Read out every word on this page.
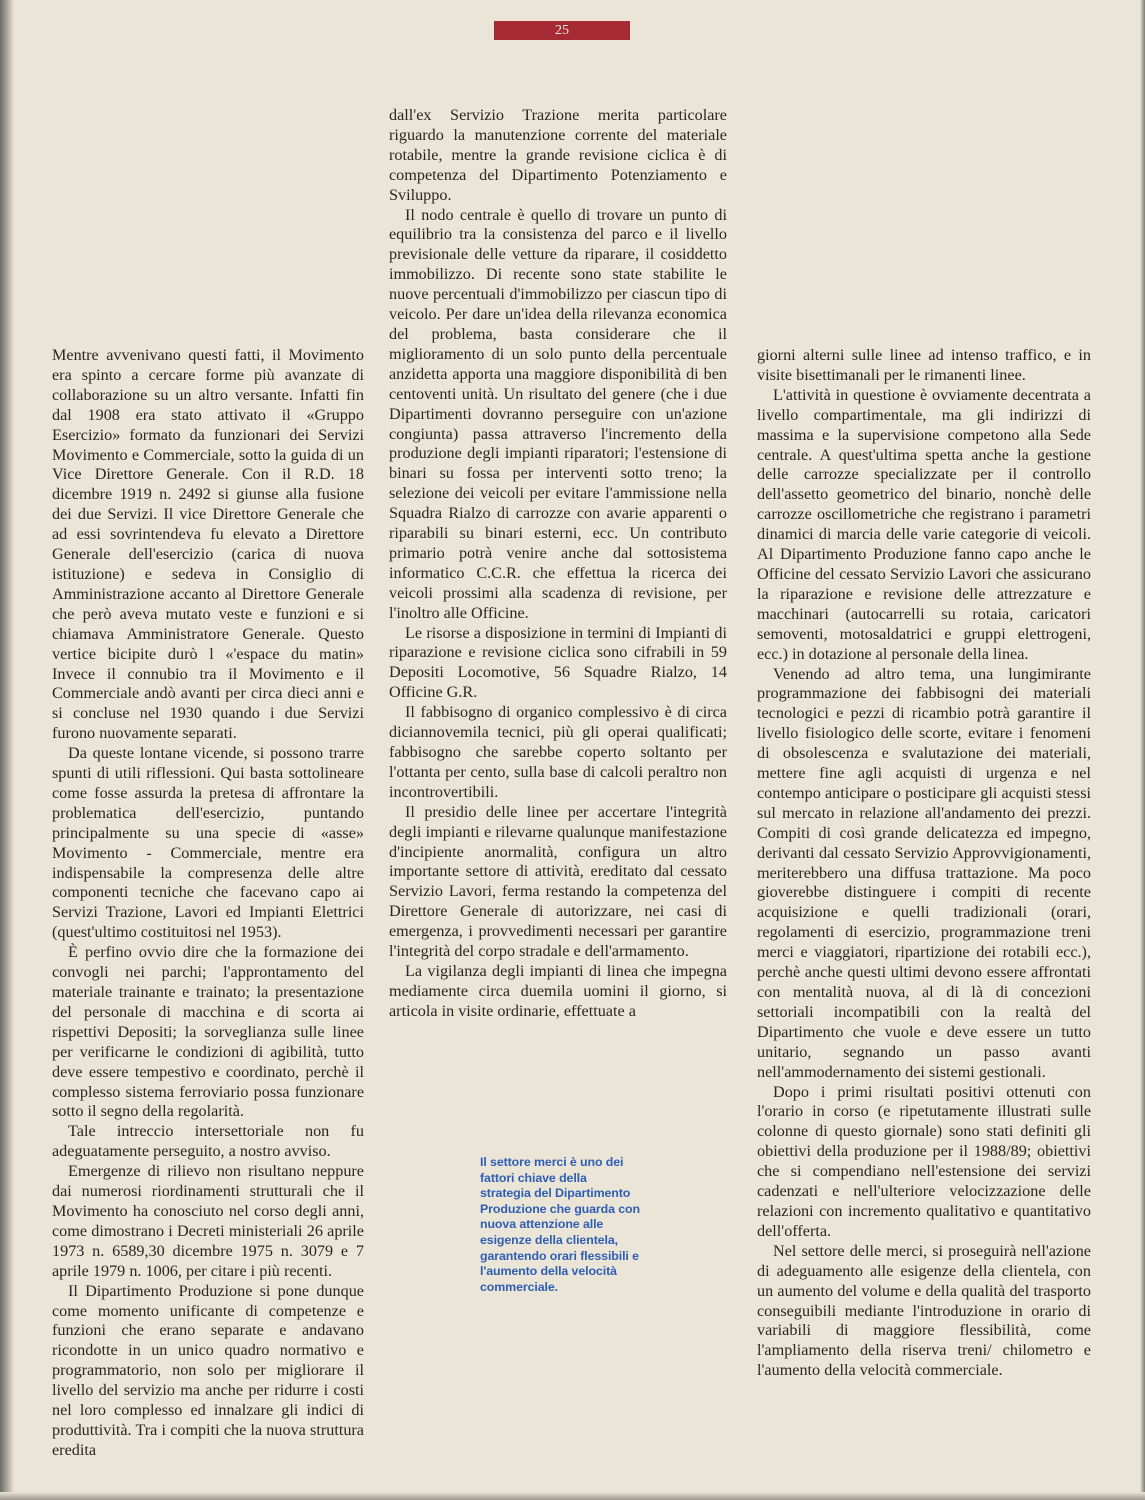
25

Mentre avvenivano questi fatti, il Movimento era spinto a cercare forme più avanzate di collaborazione su un altro versante. Infatti fin dal 1908 era stato attivato il «Gruppo Esercizio» formato da funzionari dei Servizi Movimento e Commerciale, sotto la guida di un Vice Direttore Generale. Con il R.D. 18 dicembre 1919 n. 2492 si giunse alla fusione dei due Servizi. Il vice Direttore Generale che ad essi sovrintendeva fu elevato a Direttore Generale dell'esercizio (carica di nuova istituzione) e sedeva in Consiglio di Amministrazione accanto al Direttore Generale che però aveva mutato veste e funzioni e si chiamava Amministratore Generale. Questo vertice bicipite durò l «'espace du matin» Invece il connubio tra il Movimento e il Commerciale andò avanti per circa dieci anni e si concluse nel 1930 quando i due Servizi furono nuovamente separati.

Da queste lontane vicende, si possono trarre spunti di utili riflessioni. Qui basta sottolineare come fosse assurda la pretesa di affrontare la problematica dell'esercizio, puntando principalmente su una specie di «asse» Movimento - Commerciale, mentre era indispensabile la compresenza delle altre componenti tecniche che facevano capo ai Servizi Trazione, Lavori ed Impianti Elettrici (quest'ultimo costituitosi nel 1953).

È perfino ovvio dire che la formazione dei convogli nei parchi; l'approntamento del materiale trainante e trainato; la presentazione del personale di macchina e di scorta ai rispettivi Depositi; la sorveglianza sulle linee per verificarne le condizioni di agibilità, tutto deve essere tempestivo e coordinato, perchè il complesso sistema ferroviario possa funzionare sotto il segno della regolarità.

Tale intreccio intersettoriale non fu adeguatamente perseguito, a nostro avviso.

Emergenze di rilievo non risultano neppure dai numerosi riordinamenti strutturali che il Movimento ha conosciuto nel corso degli anni, come dimostrano i Decreti ministeriali 26 aprile 1973 n. 6589,30 dicembre 1975 n. 3079 e 7 aprile 1979 n. 1006, per citare i più recenti.

Il Dipartimento Produzione si pone dunque come momento unificante di competenze e funzioni che erano separate e andavano ricondotte in un unico quadro normativo e programmatorio, non solo per migliorare il livello del servizio ma anche per ridurre i costi nel loro complesso ed innalzare gli indici di produttività. Tra i compiti che la nuova struttura eredita

dall'ex Servizio Trazione merita particolare riguardo la manutenzione corrente del materiale rotabile, mentre la grande revisione ciclica è di competenza del Dipartimento Potenziamento e Sviluppo.

Il nodo centrale è quello di trovare un punto di equilibrio tra la consistenza del parco e il livello previsionale delle vetture da riparare, il cosiddetto immobilizzo. Di recente sono state stabilite le nuove percentuali d'immobilizzo per ciascun tipo di veicolo. Per dare un'idea della rilevanza economica del problema, basta considerare che il miglioramento di un solo punto della percentuale anzidetta apporta una maggiore disponibilità di ben centoventi unità. Un risultato del genere (che i due Dipartimenti dovranno perseguire con un'azione congiunta) passa attraverso l'incremento della produzione degli impianti riparatori; l'estensione di binari su fossa per interventi sotto treno; la selezione dei veicoli per evitare l'ammissione nella Squadra Rialzo di carrozze con avarie apparenti o riparabili su binari esterni, ecc. Un contributo primario potrà venire anche dal sottosistema informatico C.C.R. che effettua la ricerca dei veicoli prossimi alla scadenza di revisione, per l'inoltro alle Officine.

Le risorse a disposizione in termini di Impianti di riparazione e revisione ciclica sono cifrabili in 59 Depositi Locomotive, 56 Squadre Rialzo, 14 Officine G.R.

Il fabbisogno di organico complessivo è di circa diciannovemila tecnici, più gli operai qualificati; fabbisogno che sarebbe coperto soltanto per l'ottanta per cento, sulla base di calcoli peraltro non incontrovertibili.

Il presidio delle linee per accertare l'integrità degli impianti e rilevarne qualunque manifestazione d'incipiente anormalità, configura un altro importante settore di attività, ereditato dal cessato Servizio Lavori, ferma restando la competenza del Direttore Generale di autorizzare, nei casi di emergenza, i provvedimenti necessari per garantire l'integrità del corpo stradale e dell'armamento.

La vigilanza degli impianti di linea che impegna mediamente circa duemila uomini il giorno, si articola in visite ordinarie, effettuate a

Il settore merci è uno dei fattori chiave della strategia del Dipartimento Produzione che guarda con nuova attenzione alle esigenze della clientela, garantendo orari flessibili e l'aumento della velocità commerciale.

giorni alterni sulle linee ad intenso traffico, e in visite bisettimanali per le rimanenti linee.

L'attività in questione è ovviamente decentrata a livello compartimentale, ma gli indirizzi di massima e la supervisione competono alla Sede centrale. A quest'ultima spetta anche la gestione delle carrozze specializzate per il controllo dell'assetto geometrico del binario, nonchè delle carrozze oscillometriche che registrano i parametri dinamici di marcia delle varie categorie di veicoli. Al Dipartimento Produzione fanno capo anche le Officine del cessato Servizio Lavori che assicurano la riparazione e revisione delle attrezzature e macchinari (autocarrelli su rotaia, caricatori semoventi, motosaldatrici e gruppi elettrogeni, ecc.) in dotazione al personale della linea.

Venendo ad altro tema, una lungimirante programmazione dei fabbisogni dei materiali tecnologici e pezzi di ricambio potrà garantire il livello fisiologico delle scorte, evitare i fenomeni di obsolescenza e svalutazione dei materiali, mettere fine agli acquisti di urgenza e nel contempo anticipare o posticipare gli acquisti stessi sul mercato in relazione all'andamento dei prezzi. Compiti di così grande delicatezza ed impegno, derivanti dal cessato Servizio Approvvigionamenti, meriterebbero una diffusa trattazione. Ma poco gioverebbe distinguere i compiti di recente acquisizione e quelli tradizionali (orari, regolamenti di esercizio, programmazione treni merci e viaggiatori, ripartizione dei rotabili ecc.), perchè anche questi ultimi devono essere affrontati con mentalità nuova, al di là di concezioni settoriali incompatibili con la realtà del Dipartimento che vuole e deve essere un tutto unitario, segnando un passo avanti nell'ammodernamento dei sistemi gestionali.

Dopo i primi risultati positivi ottenuti con l'orario in corso (e ripetutamente illustrati sulle colonne di questo giornale) sono stati definiti gli obiettivi della produzione per il 1988/89; obiettivi che si compendiano nell'estensione dei servizi cadenzati e nell'ulteriore velocizzazione delle relazioni con incremento qualitativo e quantitativo dell'offerta.

Nel settore delle merci, si proseguirà nell'azione di adeguamento alle esigenze della clientela, con un aumento del volume e della qualità del trasporto conseguibili mediante l'introduzione in orario di variabili di maggiore flessibilità, come l'ampliamento della riserva treni/ chilometro e l'aumento della velocità commerciale.
